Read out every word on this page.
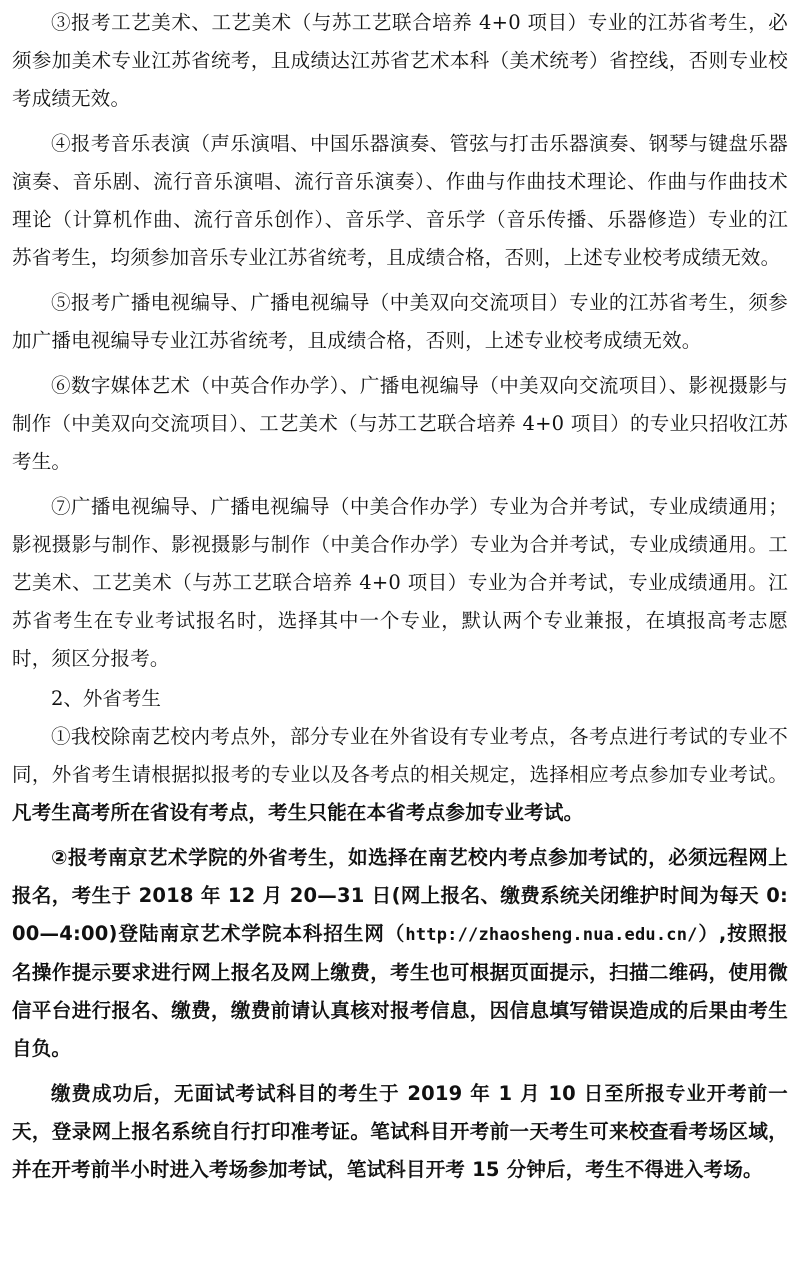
③报考工艺美术、工艺美术（与苏工艺联合培养 4+0 项目）专业的江苏省考生，必须参加美术专业江苏省统考，且成绩达江苏省艺术本科（美术统考）省控线，否则专业校考成绩无效。

④报考音乐表演（声乐演唱、中国乐器演奏、管弦与打击乐器演奏、钢琴与键盘乐器演奏、音乐剧、流行音乐演唱、流行音乐演奏）、作曲与作曲技术理论、作曲与作曲技术理论（计算机作曲、流行音乐创作）、音乐学、音乐学（音乐传播、乐器修造）专业的江苏省考生，均须参加音乐专业江苏省统考，且成绩合格，否则，上述专业校考成绩无效。

⑤报考广播电视编导、广播电视编导（中美双向交流项目）专业的江苏省考生，须参加广播电视编导专业江苏省统考，且成绩合格，否则，上述专业校考成绩无效。

⑥数字媒体艺术（中英合作办学）、广播电视编导（中美双向交流项目）、影视摄影与制作（中美双向交流项目）、工艺美术（与苏工艺联合培养 4+0 项目）的专业只招收江苏考生。

⑦广播电视编导、广播电视编导（中美合作办学）专业为合并考试，专业成绩通用；影视摄影与制作、影视摄影与制作（中美合作办学）专业为合并考试，专业成绩通用。工艺美术、工艺美术（与苏工艺联合培养 4+0 项目）专业为合并考试，专业成绩通用。江苏省考生在专业考试报名时，选择其中一个专业，默认两个专业兼报，在填报高考志愿时，须区分报考。

2、外省考生

①我校除南艺校内考点外，部分专业在外省设有专业考点，各考点进行考试的专业不同，外省考生请根据拟报考的专业以及各考点的相关规定，选择相应考点参加专业考试。凡考生高考所在省设有考点，考生只能在本省考点参加专业考试。

②报考南京艺术学院的外省考生，如选择在南艺校内考点参加考试的，必须远程网上报名，考生于 2018 年 12 月 20—31 日(网上报名、缴费系统关闭维护时间为每天 0:00—4:00)登陆南京艺术学院本科招生网（http://zhaosheng.nua.edu.cn/）,按照报名操作提示要求进行网上报名及网上缴费，考生也可根据页面提示，扫描二维码，使用微信平台进行报名、缴费，缴费前请认真核对报考信息，因信息填写错误造成的后果由考生自负。

缴费成功后，无面试考试科目的考生于 2019 年 1 月 10 日至所报专业开考前一天，登录网上报名系统自行打印准考证。笔试科目开考前一天考生可来校查看考场区域，并在开考前半小时进入考场参加考试，笔试科目开考 15 分钟后，考生不得进入考场。
